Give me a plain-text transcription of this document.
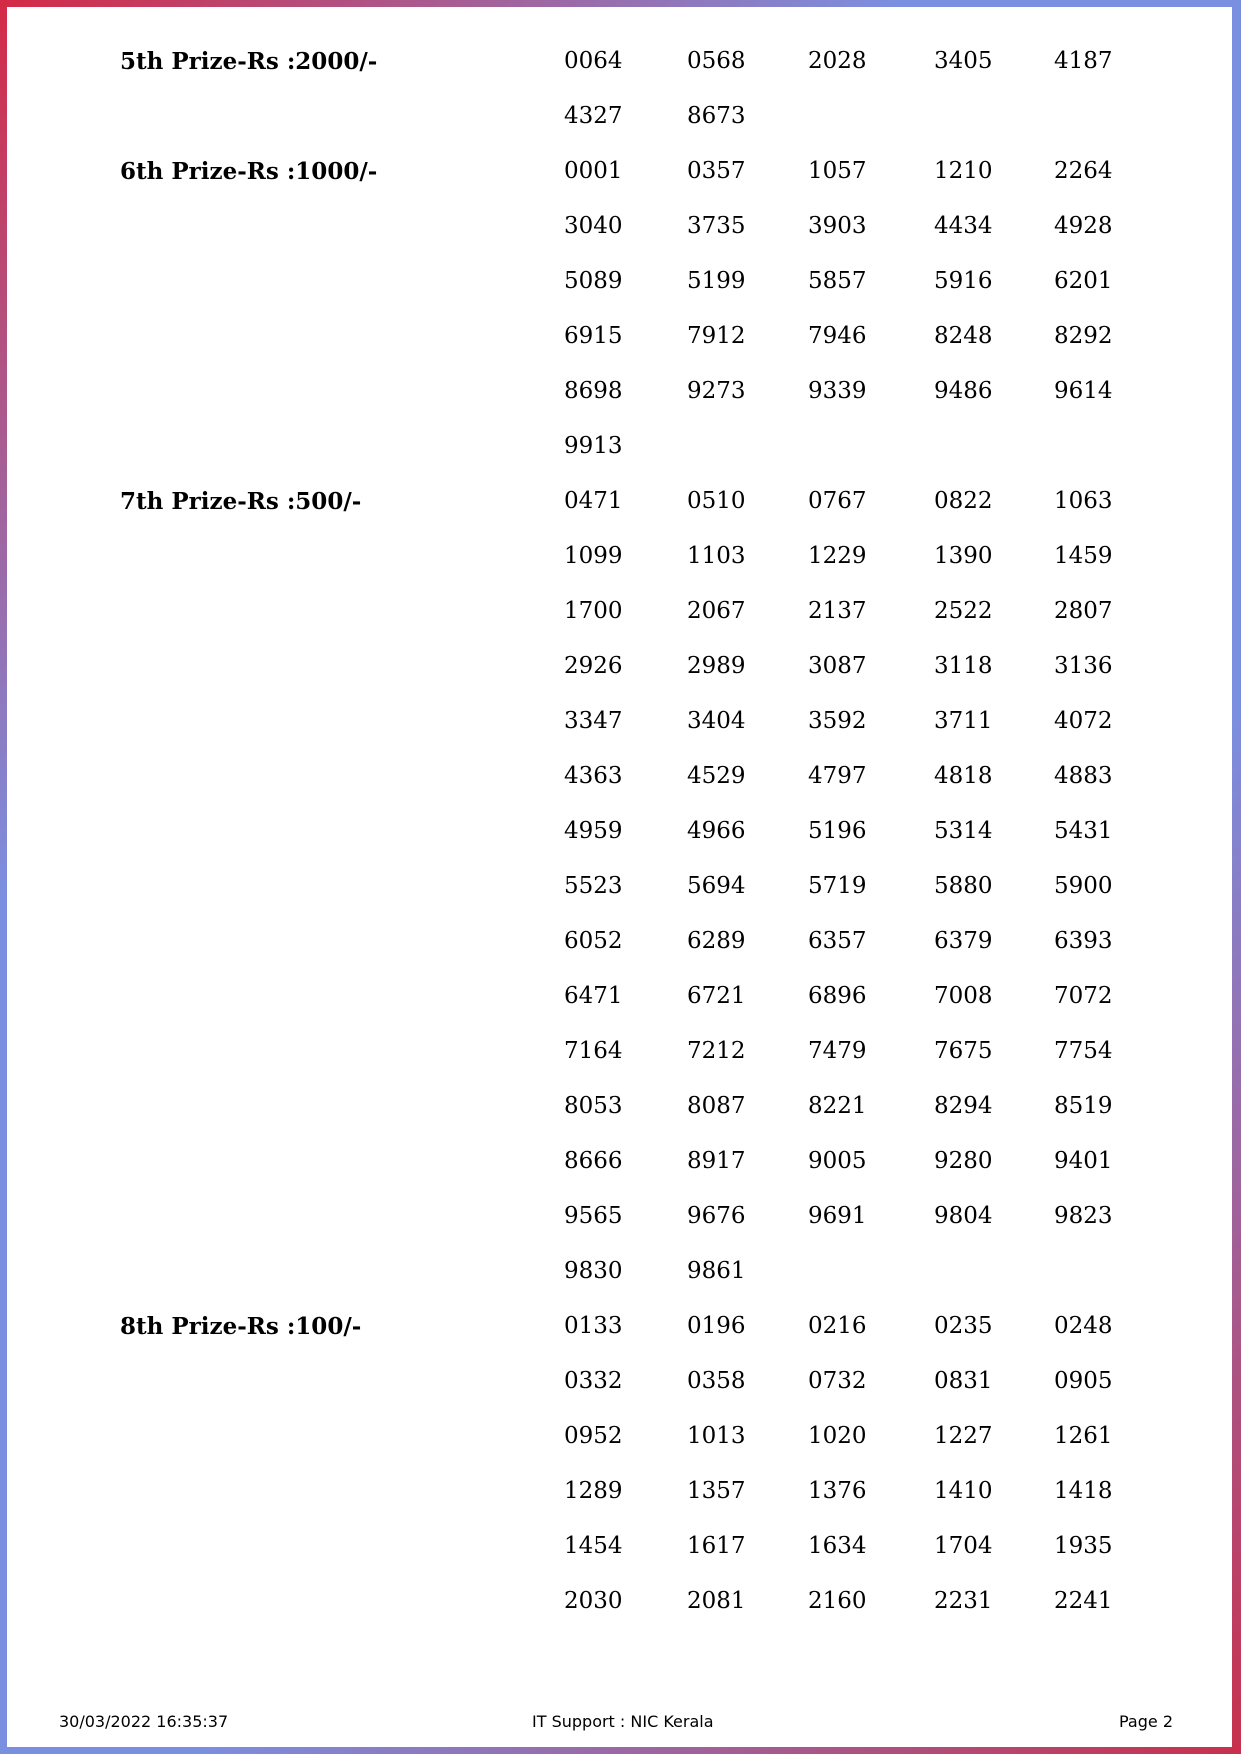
5th Prize-Rs :2000/-	0064	0568	2028	3405	4187
4327	8673
6th Prize-Rs :1000/-	0001	0357	1057	1210	2264
3040	3735	3903	4434	4928
5089	5199	5857	5916	6201
6915	7912	7946	8248	8292
8698	9273	9339	9486	9614
9913
7th Prize-Rs :500/-	0471	0510	0767	0822	1063
1099	1103	1229	1390	1459
1700	2067	2137	2522	2807
2926	2989	3087	3118	3136
3347	3404	3592	3711	4072
4363	4529	4797	4818	4883
4959	4966	5196	5314	5431
5523	5694	5719	5880	5900
6052	6289	6357	6379	6393
6471	6721	6896	7008	7072
7164	7212	7479	7675	7754
8053	8087	8221	8294	8519
8666	8917	9005	9280	9401
9565	9676	9691	9804	9823
9830	9861
8th Prize-Rs :100/-	0133	0196	0216	0235	0248
0332	0358	0732	0831	0905
0952	1013	1020	1227	1261
1289	1357	1376	1410	1418
1454	1617	1634	1704	1935
2030	2081	2160	2231	2241
30/03/2022 16:35:37	IT Support : NIC Kerala	Page 2
